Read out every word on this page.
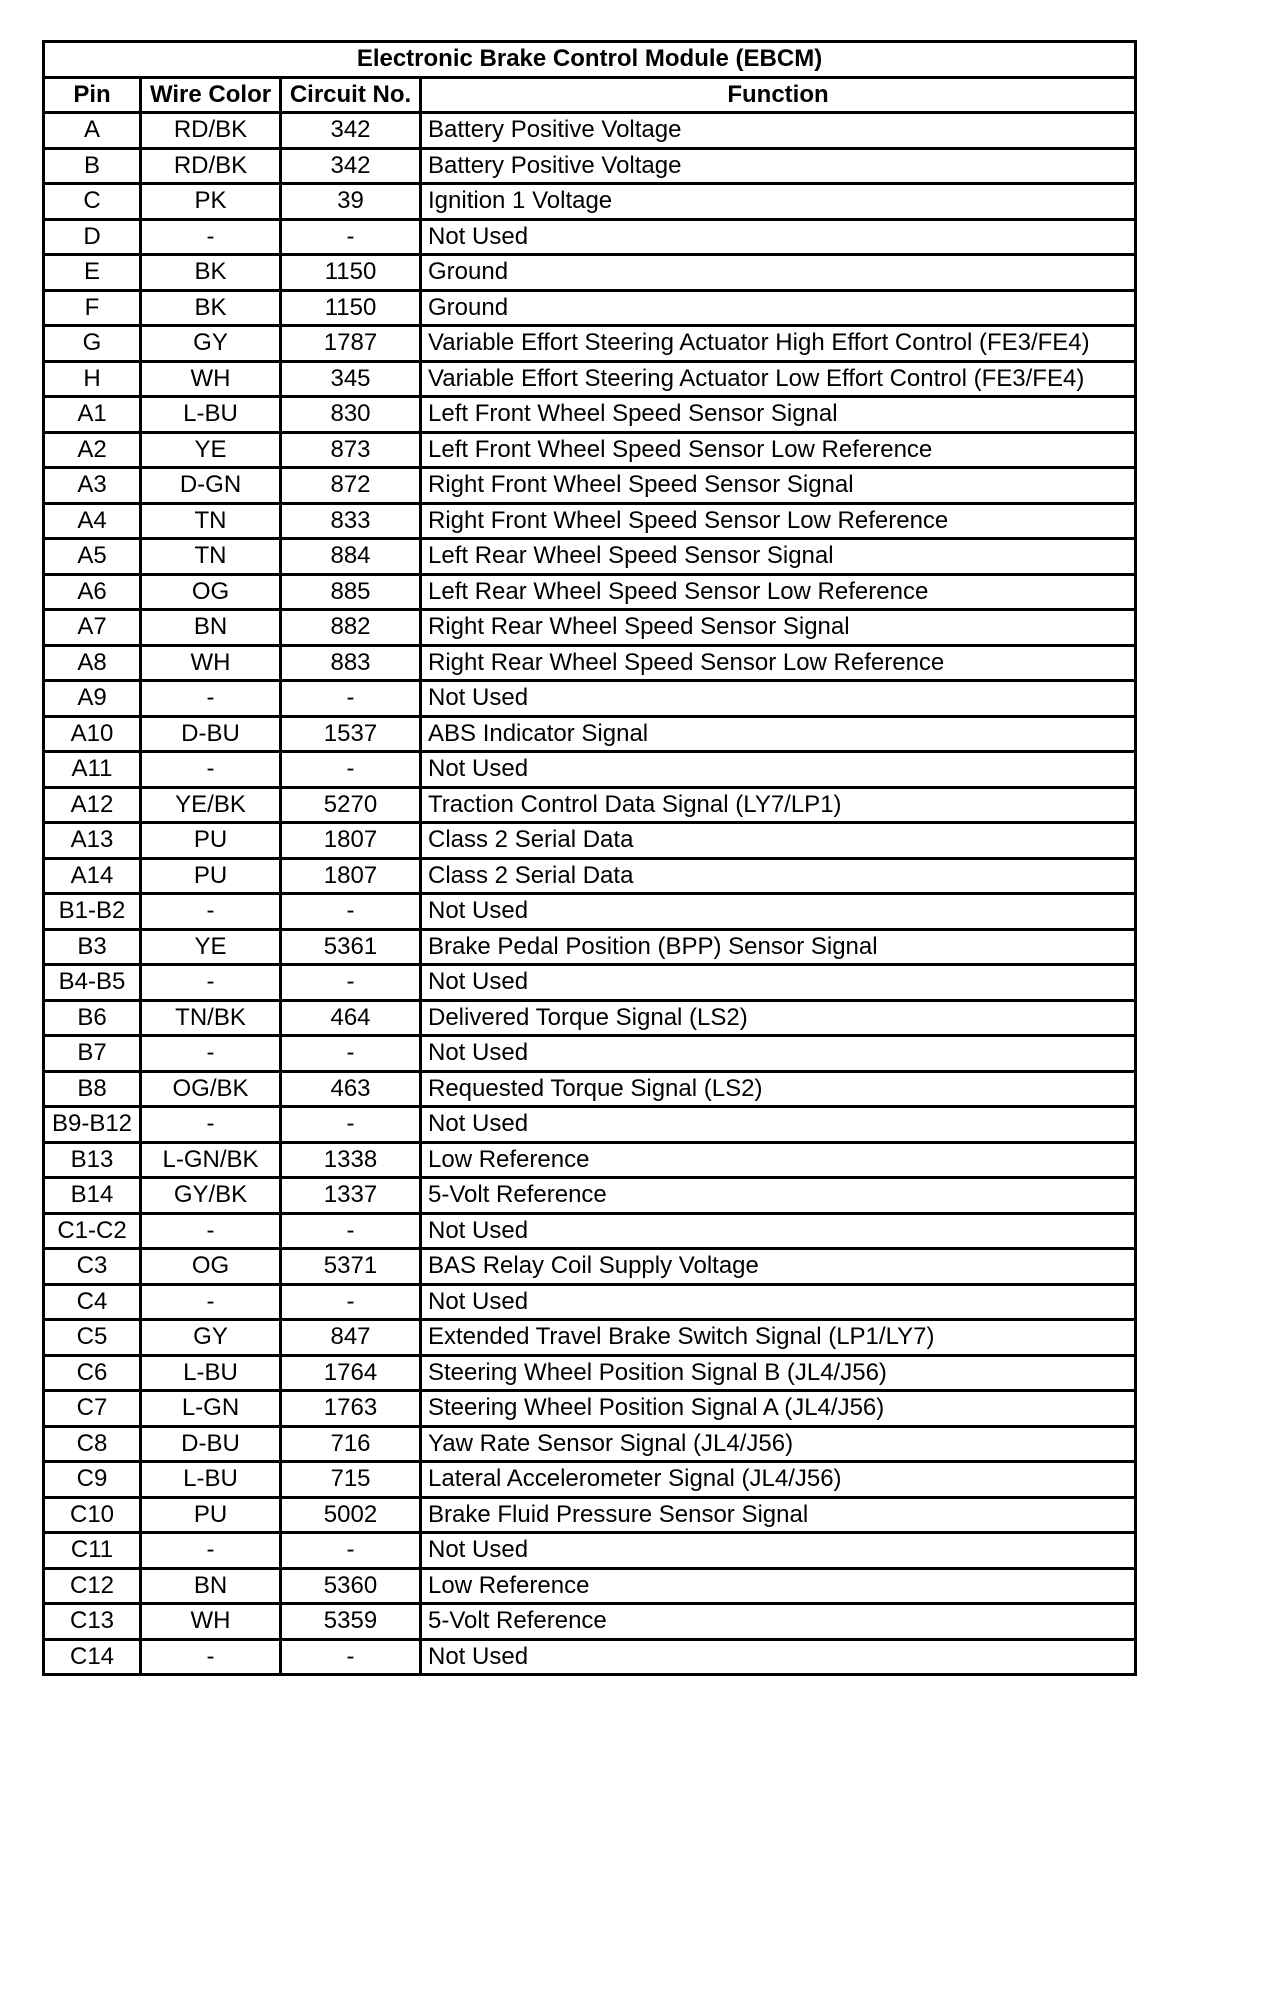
Electronic Brake Control Module (EBCM)			
Pin	Wire Color	Circuit No.	Function
A	RD/BK	342	Battery Positive Voltage
B	RD/BK	342	Battery Positive Voltage
C	PK	39	Ignition 1 Voltage
D	-	-	Not Used
E	BK	1150	Ground
F	BK	1150	Ground
G	GY	1787	Variable Effort Steering Actuator High Effort Control (FE3/FE4)
H	WH	345	Variable Effort Steering Actuator Low Effort Control (FE3/FE4)
A1	L-BU	830	Left Front Wheel Speed Sensor Signal
A2	YE	873	Left Front Wheel Speed Sensor Low Reference
A3	D-GN	872	Right Front Wheel Speed Sensor Signal
A4	TN	833	Right Front Wheel Speed Sensor Low Reference
A5	TN	884	Left Rear Wheel Speed Sensor Signal
A6	OG	885	Left Rear Wheel Speed Sensor Low Reference
A7	BN	882	Right Rear Wheel Speed Sensor Signal
A8	WH	883	Right Rear Wheel Speed Sensor Low Reference
A9	-	-	Not Used
A10	D-BU	1537	ABS Indicator Signal
A11	-	-	Not Used
A12	YE/BK	5270	Traction Control Data Signal (LY7/LP1)
A13	PU	1807	Class 2 Serial Data
A14	PU	1807	Class 2 Serial Data
B1-B2	-	-	Not Used
B3	YE	5361	Brake Pedal Position (BPP) Sensor Signal
B4-B5	-	-	Not Used
B6	TN/BK	464	Delivered Torque Signal (LS2)
B7	-	-	Not Used
B8	OG/BK	463	Requested Torque Signal (LS2)
B9-B12	-	-	Not Used
B13	L-GN/BK	1338	Low Reference
B14	GY/BK	1337	5-Volt Reference
C1-C2	-	-	Not Used
C3	OG	5371	BAS Relay Coil Supply Voltage
C4	-	-	Not Used
C5	GY	847	Extended Travel Brake Switch Signal (LP1/LY7)
C6	L-BU	1764	Steering Wheel Position Signal B (JL4/J56)
C7	L-GN	1763	Steering Wheel Position Signal A (JL4/J56)
C8	D-BU	716	Yaw Rate Sensor Signal (JL4/J56)
C9	L-BU	715	Lateral Accelerometer Signal (JL4/J56)
C10	PU	5002	Brake Fluid Pressure Sensor Signal
C11	-	-	Not Used
C12	BN	5360	Low Reference
C13	WH	5359	5-Volt Reference
C14	-	-	Not Used
